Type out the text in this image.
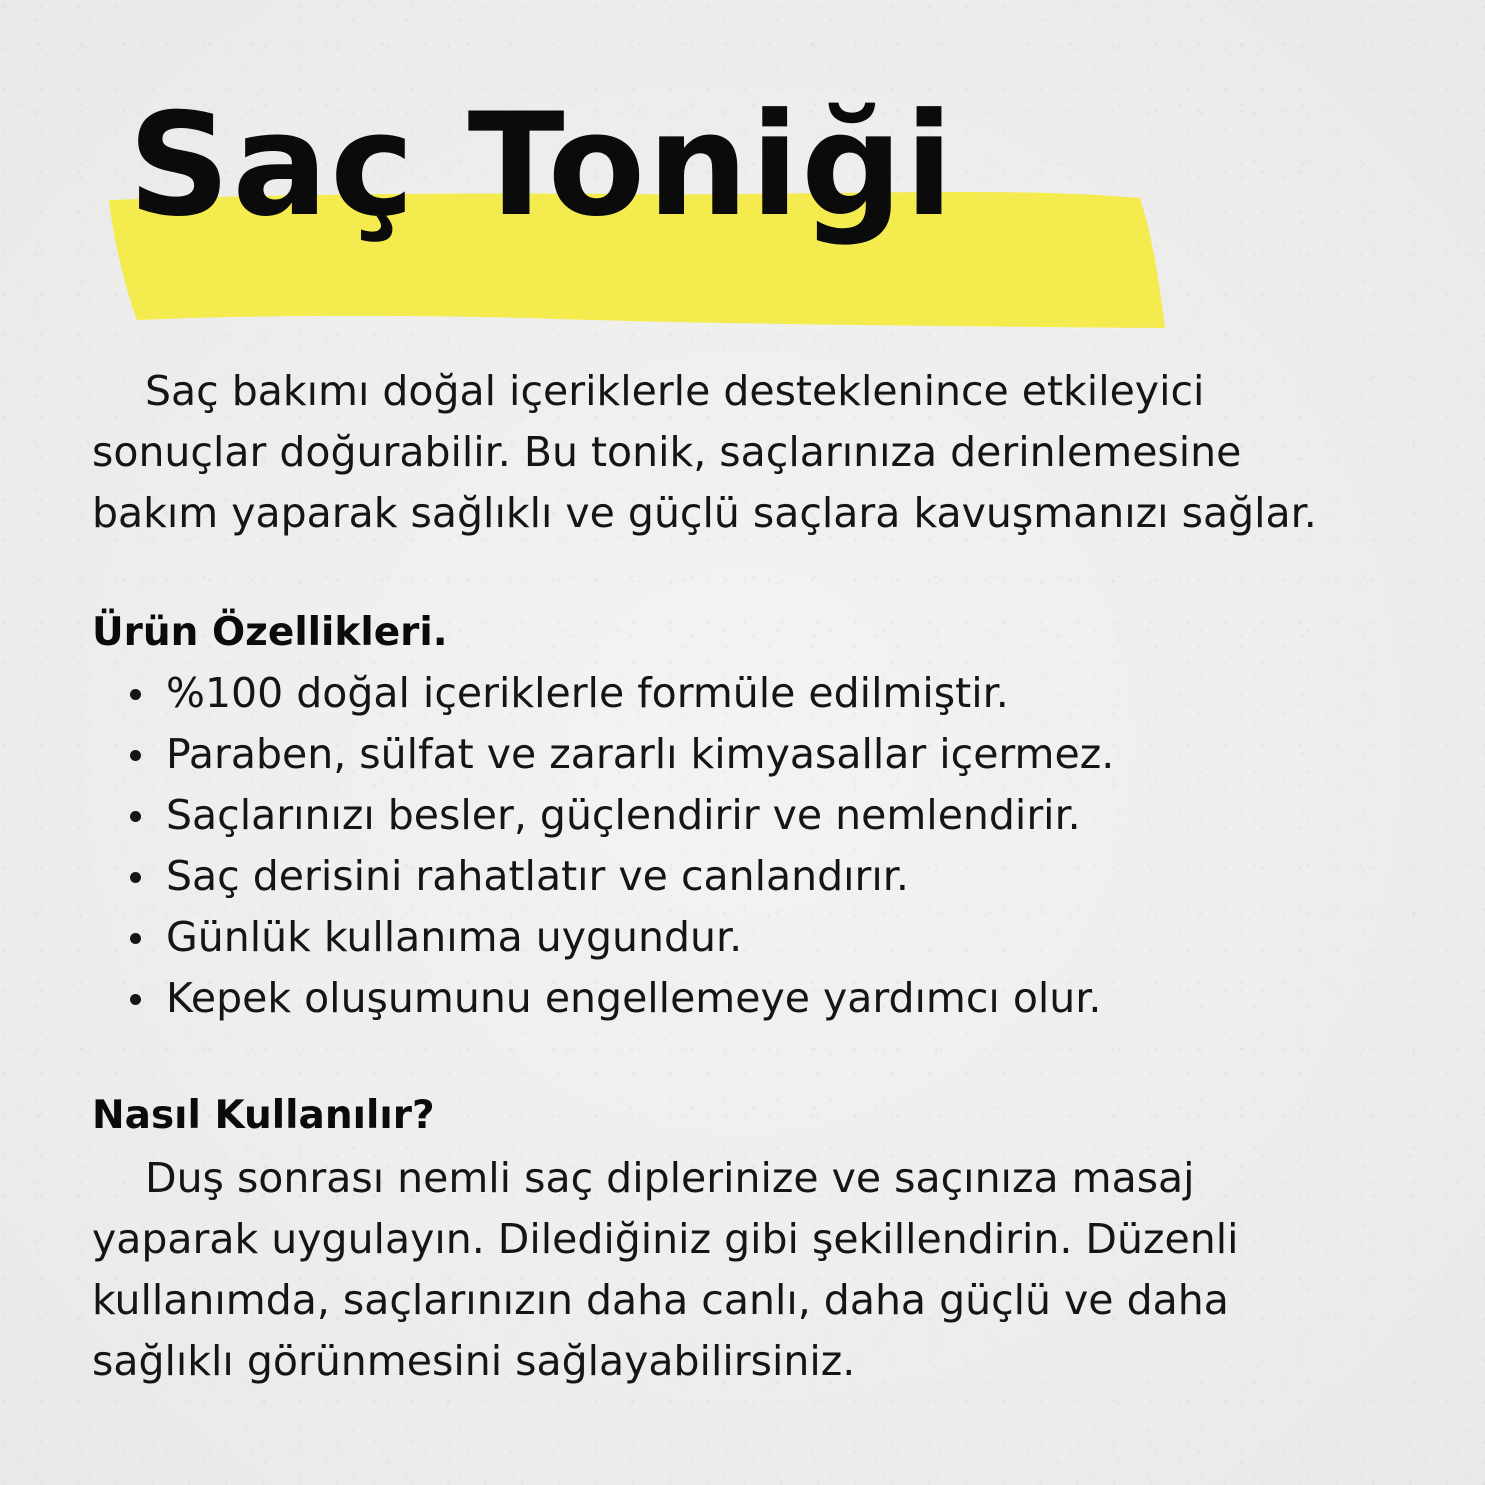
Saç Toniği

Saç bakımı doğal içeriklerle desteklenince etkileyici

sonuçlar doğurabilir. Bu tonik, saçlarınıza derinlemesine

bakım yaparak sağlıklı ve güçlü saçlara kavuşmanızı sağlar.

Ürün Özellikleri.
%100 doğal içeriklerle formüle edilmiştir.
Paraben, sülfat ve zararlı kimyasallar içermez.
Saçlarınızı besler, güçlendirir ve nemlendirir.
Saç derisini rahatlatır ve canlandırır.
Günlük kullanıma uygundur.
Kepek oluşumunu engellemeye yardımcı olur.
Nasıl Kullanılır?

Duş sonrası nemli saç diplerinize ve saçınıza masaj

yaparak uygulayın. Dilediğiniz gibi şekillendirin. Düzenli

kullanımda, saçlarınızın daha canlı, daha güçlü ve daha

sağlıklı görünmesini sağlayabilirsiniz.
